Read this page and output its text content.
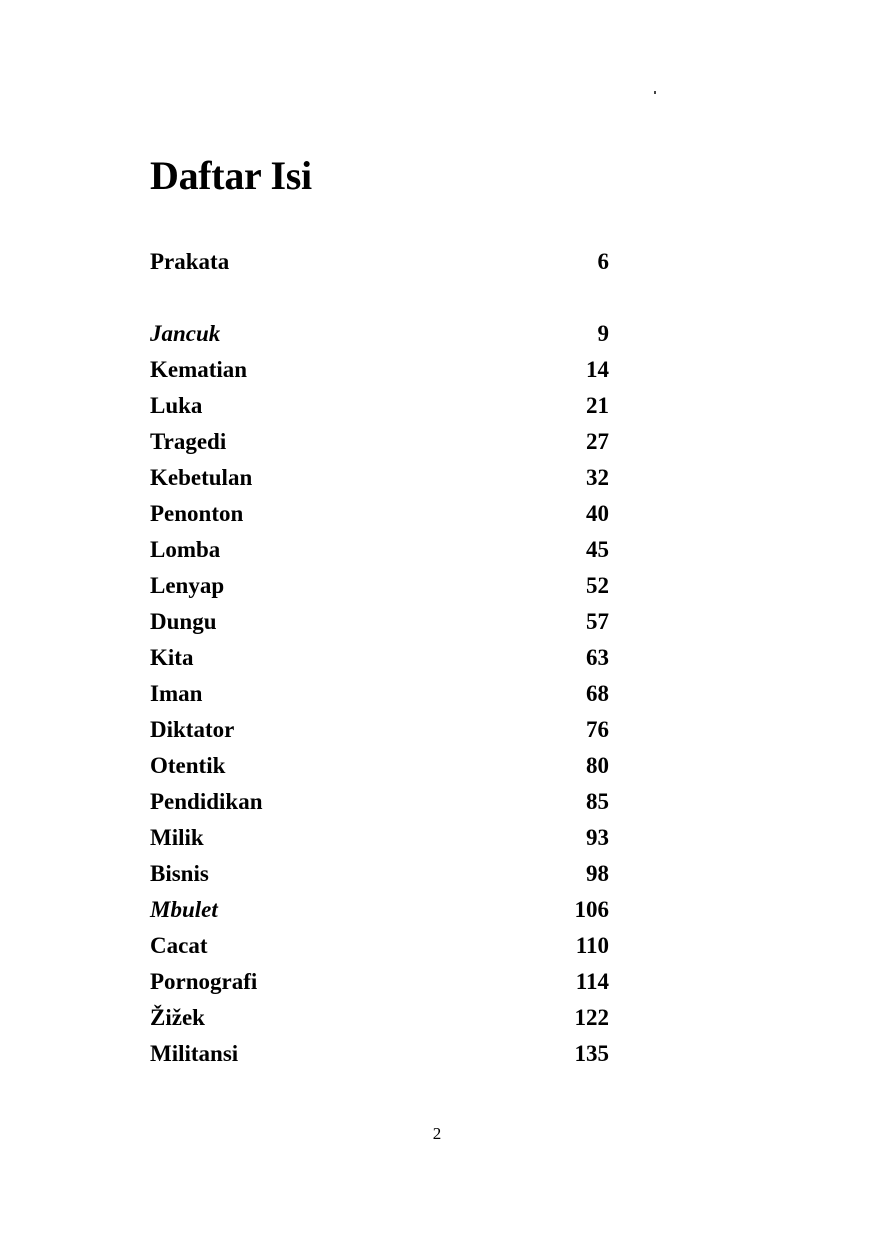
Daftar Isi
Prakata	6
Jancuk	9
Kematian	14
Luka	21
Tragedi	27
Kebetulan	32
Penonton	40
Lomba	45
Lenyap	52
Dungu	57
Kita	63
Iman	68
Diktator	76
Otentik	80
Pendidikan	85
Milik	93
Bisnis	98
Mbulet	106
Cacat	110
Pornografi	114
Žižek	122
Militansi	135
2
